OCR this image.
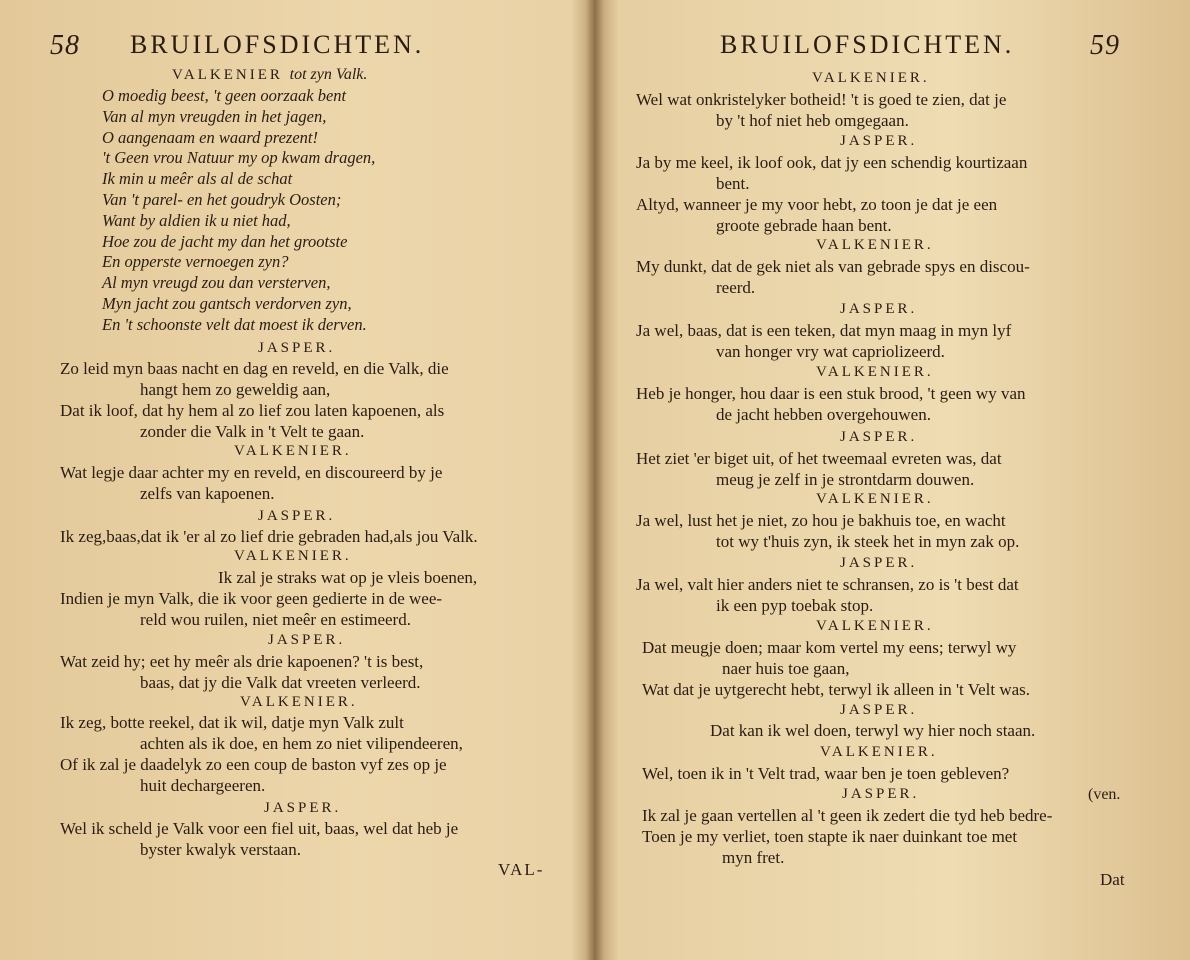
58 BRUILOFSDICHTEN.
VALKENIER tot zyn Valk.
O moedig beest, 't geen oorzaak bent
Van al myn vreugden in het jagen,
O aangenaam en waard prezent!
't Geen vrou Natuur my op kwam dragen,
Ik min u meêr als al de schat
Van 't parel- en het goudryk Oosten;
Want by aldien ik u niet had,
Hoe zou de jacht my dan het grootste
En opperste vernoegen zyn?
Al myn vreugd zou dan versterven,
Myn jacht zou gantsch verdorven zyn,
En 't schoonste velt dat moest ik derven.
JASPER.
Zo leid myn baas nacht en dag en reveld, en die Valk, die
hangt hem zo geweldig aan,
Dat ik loof, dat hy hem al zo lief zou laten kapoenen, als
zonder die Valk in 't Velt te gaan.
VALKENIER.
Wat legje daar achter my en reveld, en discoureerd by je
zelfs van kapoenen.
JASPER.
Ik zeg,baas,dat ik 'er al zo lief drie gebraden had,als jou Valk.
VALKENIER.
Ik zal je straks wat op je vleis boenen,
Indien je myn Valk, die ik voor geen gedierte in de wee-
reld wou ruilen, niet meêr en estimeerd.
JASPER.
Wat zeid hy; eet hy meêr als drie kapoenen? 't is best,
baas, dat jy die Valk dat vreeten verleerd.
VALKENIER.
Ik zeg, botte reekel, dat ik wil, datje myn Valk zult
achten als ik doe, en hem zo niet vilipendeeren,
Of ik zal je daadelyk zo een coup de baston vyf zes op je
huit dechargeeren.
JASPER.
Wel ik scheld je Valk voor een fiel uit, baas, wel dat heb je
byster kwalyk verstaan.
VAL-
BRUILOFSDICHTEN.	59
VALKENIER.
Wel wat onkristelyker botheid! 't is goed te zien, dat je
by 't hof niet heb omgegaan.
JASPER.
Ja by me keel, ik loof ook, dat jy een schendig kourtizaan
bent.
Altyd, wanneer je my voor hebt, zo toon je dat je een
groote gebrade haan bent.
VALKENIER.
My dunkt, dat de gek niet als van gebrade spys en discou-
reerd.
JASPER.
Ja wel, baas, dat is een teken, dat myn maag in myn lyf
van honger vry wat capriolizeerd.
VALKENIER.
Heb je honger, hou daar is een stuk brood, 't geen wy van
de jacht hebben overgehouwen.
JASPER.
Het ziet 'er biget uit, of het tweemaal evreten was, dat
meug je zelf in je strontdarm douwen.
VALKENIER.
Ja wel, lust het je niet, zo hou je bakhuis toe, en wacht
tot wy t'huis zyn, ik steek het in myn zak op.
JASPER.
Ja wel, valt hier anders niet te schransen, zo is 't best dat
ik een pyp toebak stop.
VALKENIER.
Dat meugje doen; maar kom vertel my eens; terwyl wy
naer huis toe gaan,
Wat dat je uytgerecht hebt, terwyl ik alleen in 't Velt was.
JASPER.
Dat kan ik wel doen, terwyl wy hier noch staan.
VALKENIER.
Wel, toen ik in 't Velt trad, waar ben je toen gebleven?
JASPER.	(ven.
Ik zal je gaan vertellen al 't geen ik zedert die tyd heb bedre-
Toen je my verliet, toen stapte ik naer duinkant toe met
myn fret.
Dat
